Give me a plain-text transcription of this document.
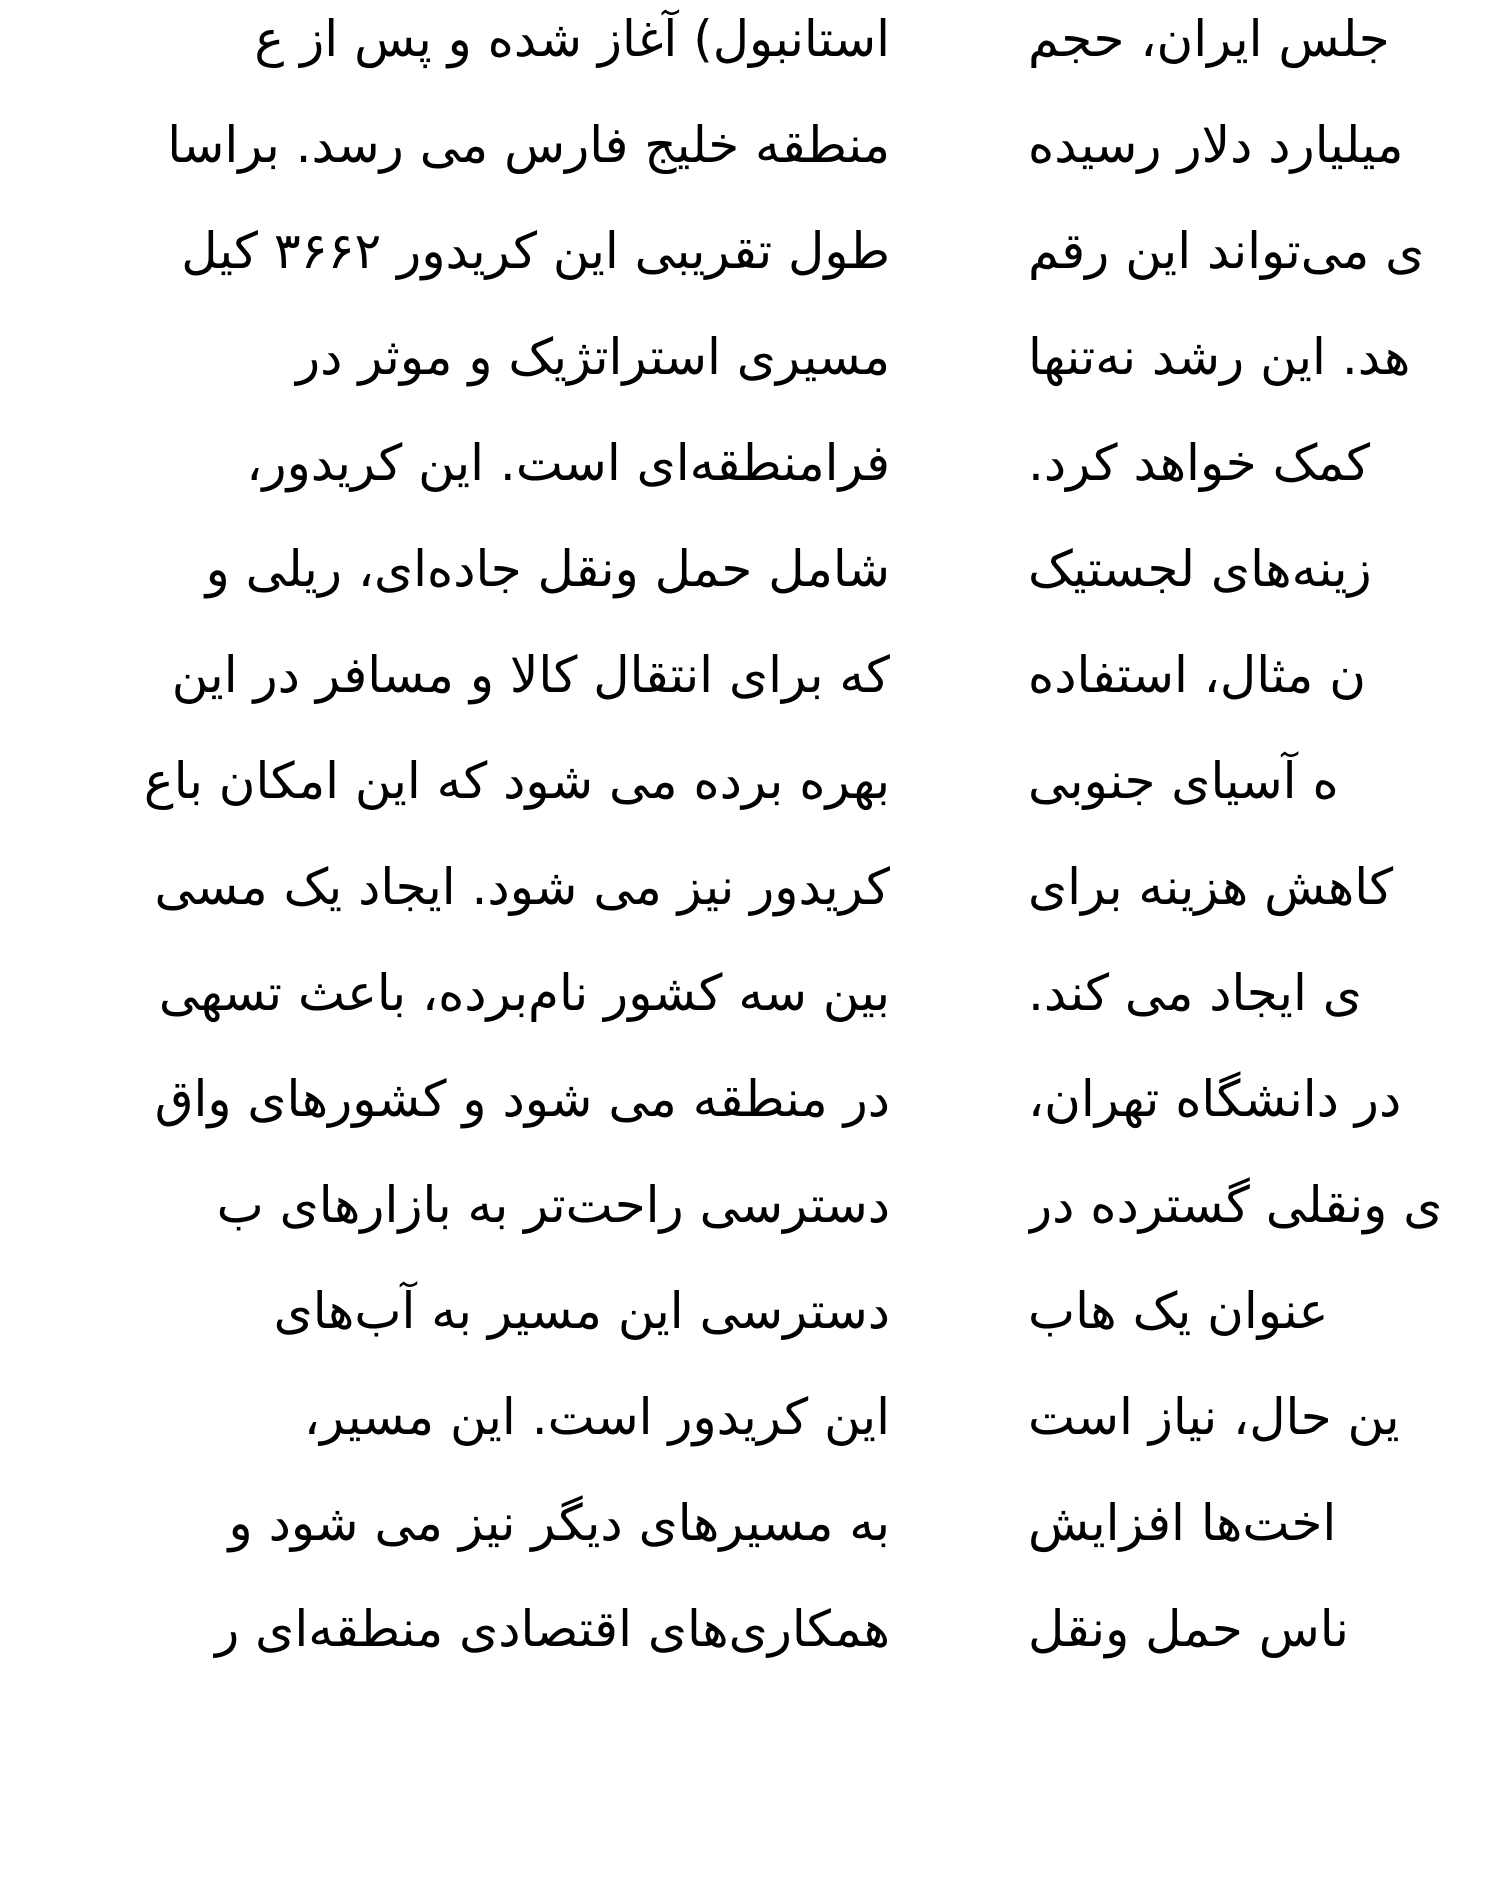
استانبول) آغاز شده و پس از ع
منطقه خلیج فارس می رسد. براسا
طول تقریبی این کریدور ۳۶۶۲ کیل
مسیری استراتژیک و موثر در
فرامنطقه‌ای است. این کریدور،
شامل حمل ونقل جاده‌ای، ریلی و
که برای انتقال کالا و مسافر در این
بهره برده می شود که این امکان باع
کریدور نیز می شود. ایجاد یک مسی
بین سه کشور نام‌برده، باعث تسهی
در منطقه می شود و کشورهای واق
دسترسی راحت‌تر به بازارهای ب
دسترسی این مسیر به آب‌های
این کریدور است. این مسیر،
به مسیرهای دیگر نیز می شود و
همکاری‌های اقتصادی منطقه‌ای ر
جلس ایران، حجم
میلیارد دلار رسیده
ی می‌تواند این رقم
هد. این رشد نه‌تنها
کمک خواهد کرد.
زینه‌های لجستیک
ن مثال، استفاده
ه آسیای جنوبی
کاهش هزینه برای
ی ایجاد می کند.
در دانشگاه تهران،
ی ونقلی گسترده در
عنوان یک هاب
ین حال، نیاز است
اخت‌ها افزایش
ناس حمل ونقل
